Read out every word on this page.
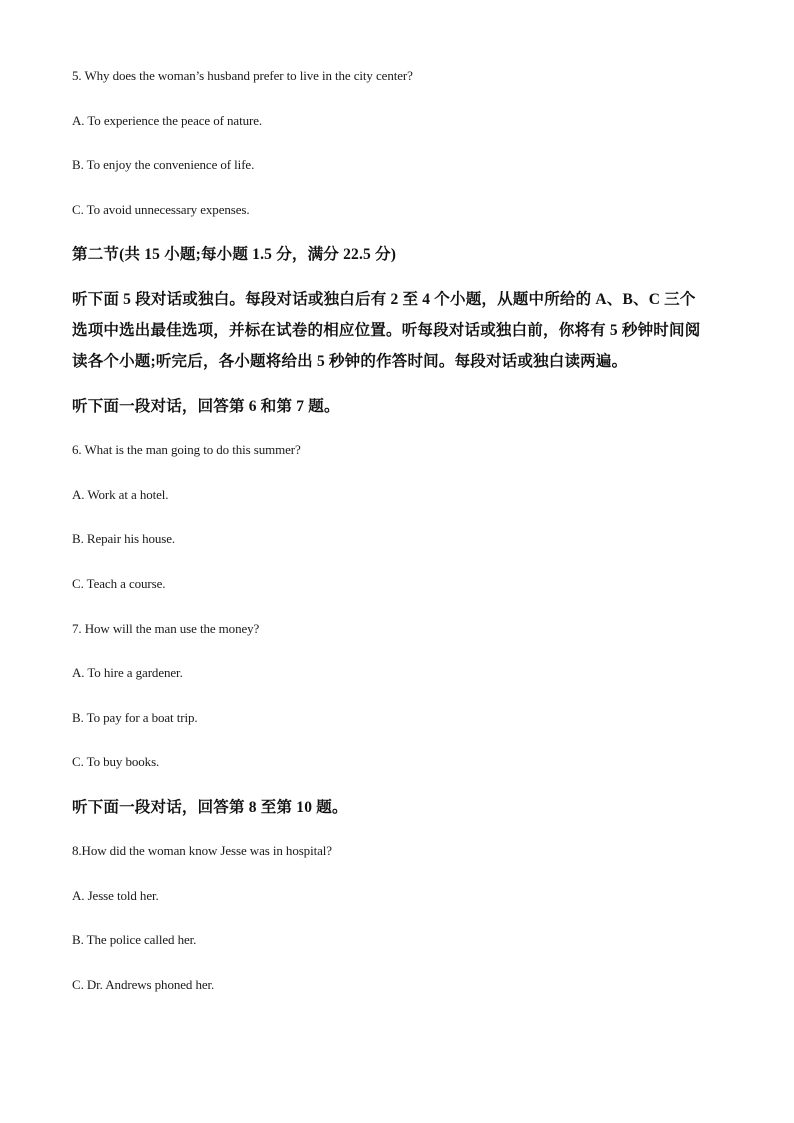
5. Why does the woman’s husband prefer to live in the city center?
A. To experience the peace of nature.
B. To enjoy the convenience of life.
C. To avoid unnecessary expenses.
第二节(共 15 小题;每小题 1.5 分，满分 22.5 分)
听下面 5 段对话或独白。每段对话或独白后有 2 至 4 个小题，从题中所给的 A、B、C 三个
选项中选出最佳选项，并标在试卷的相应位置。听每段对话或独白前，你将有 5 秒钟时间阅
读各个小题;听完后，各小题将给出 5 秒钟的作答时间。每段对话或独白读两遍。
听下面一段对话，回答第 6 和第 7 题。
6. What is the man going to do this summer?
A. Work at a hotel.
B. Repair his house.
C. Teach a course.
7. How will the man use the money?
A. To hire a gardener.
B. To pay for a boat trip.
C. To buy books.
听下面一段对话，回答第 8 至第 10 题。
8.How did the woman know Jesse was in hospital?
A. Jesse told her.
B. The police called her.
C. Dr. Andrews phoned her.
